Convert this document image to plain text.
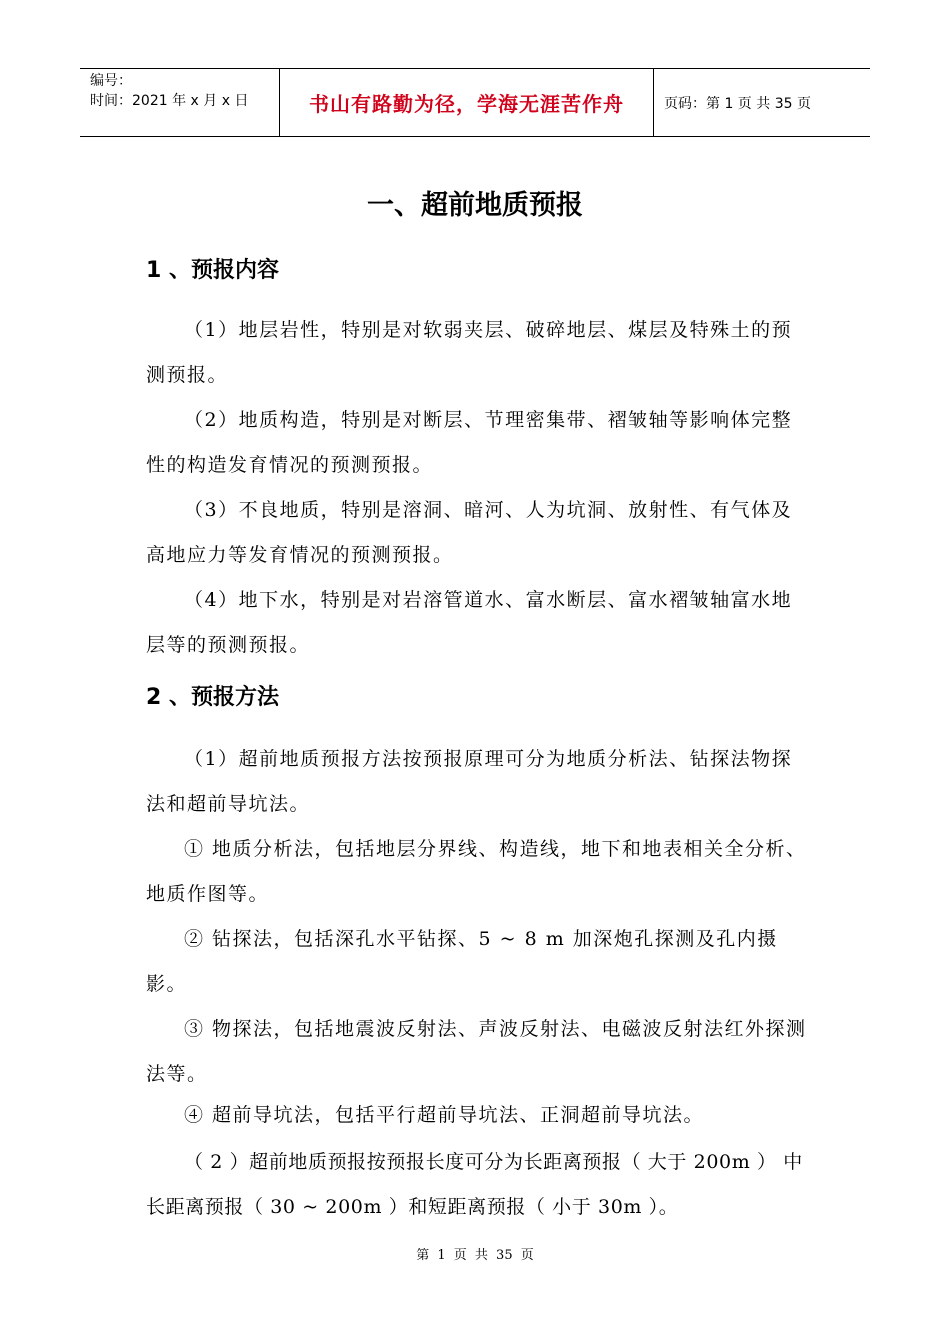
编号：
时间：2021 年 x 月 x 日	书山有路勤为径，学海无涯苦作舟	页码：第 1 页 共 35 页
一、超前地质预报
1 、预报内容

（1）地层岩性，特别是对软弱夹层、破碎地层、煤层及特殊土的预测预报。

（2）地质构造，特别是对断层、节理密集带、褶皱轴等影响体完整性的构造发育情况的预测预报。

（3）不良地质，特别是溶洞、暗河、人为坑洞、放射性、有气体及高地应力等发育情况的预测预报。

（4）地下水，特别是对岩溶管道水、富水断层、富水褶皱轴富水地层等的预测预报。

2 、预报方法

（1）超前地质预报方法按预报原理可分为地质分析法、钻探法物探法和超前导坑法。

① 地质分析法，包括地层分界线、构造线，地下和地表相关全分析、地质作图等。

② 钻探法，包括深孔水平钻探、5 ~ 8 m 加深炮孔探测及孔内摄影。

③ 物探法，包括地震波反射法、声波反射法、电磁波反射法红外探测法等。

④ 超前导坑法，包括平行超前导坑法、正洞超前导坑法。

（ 2 ）超前地质预报按预报长度可分为长距离预报（ 大于 200m ） 中长距离预报（ 30 ~ 200m ）和短距离预报（ 小于 30m ）。

第 1 页 共 35 页
